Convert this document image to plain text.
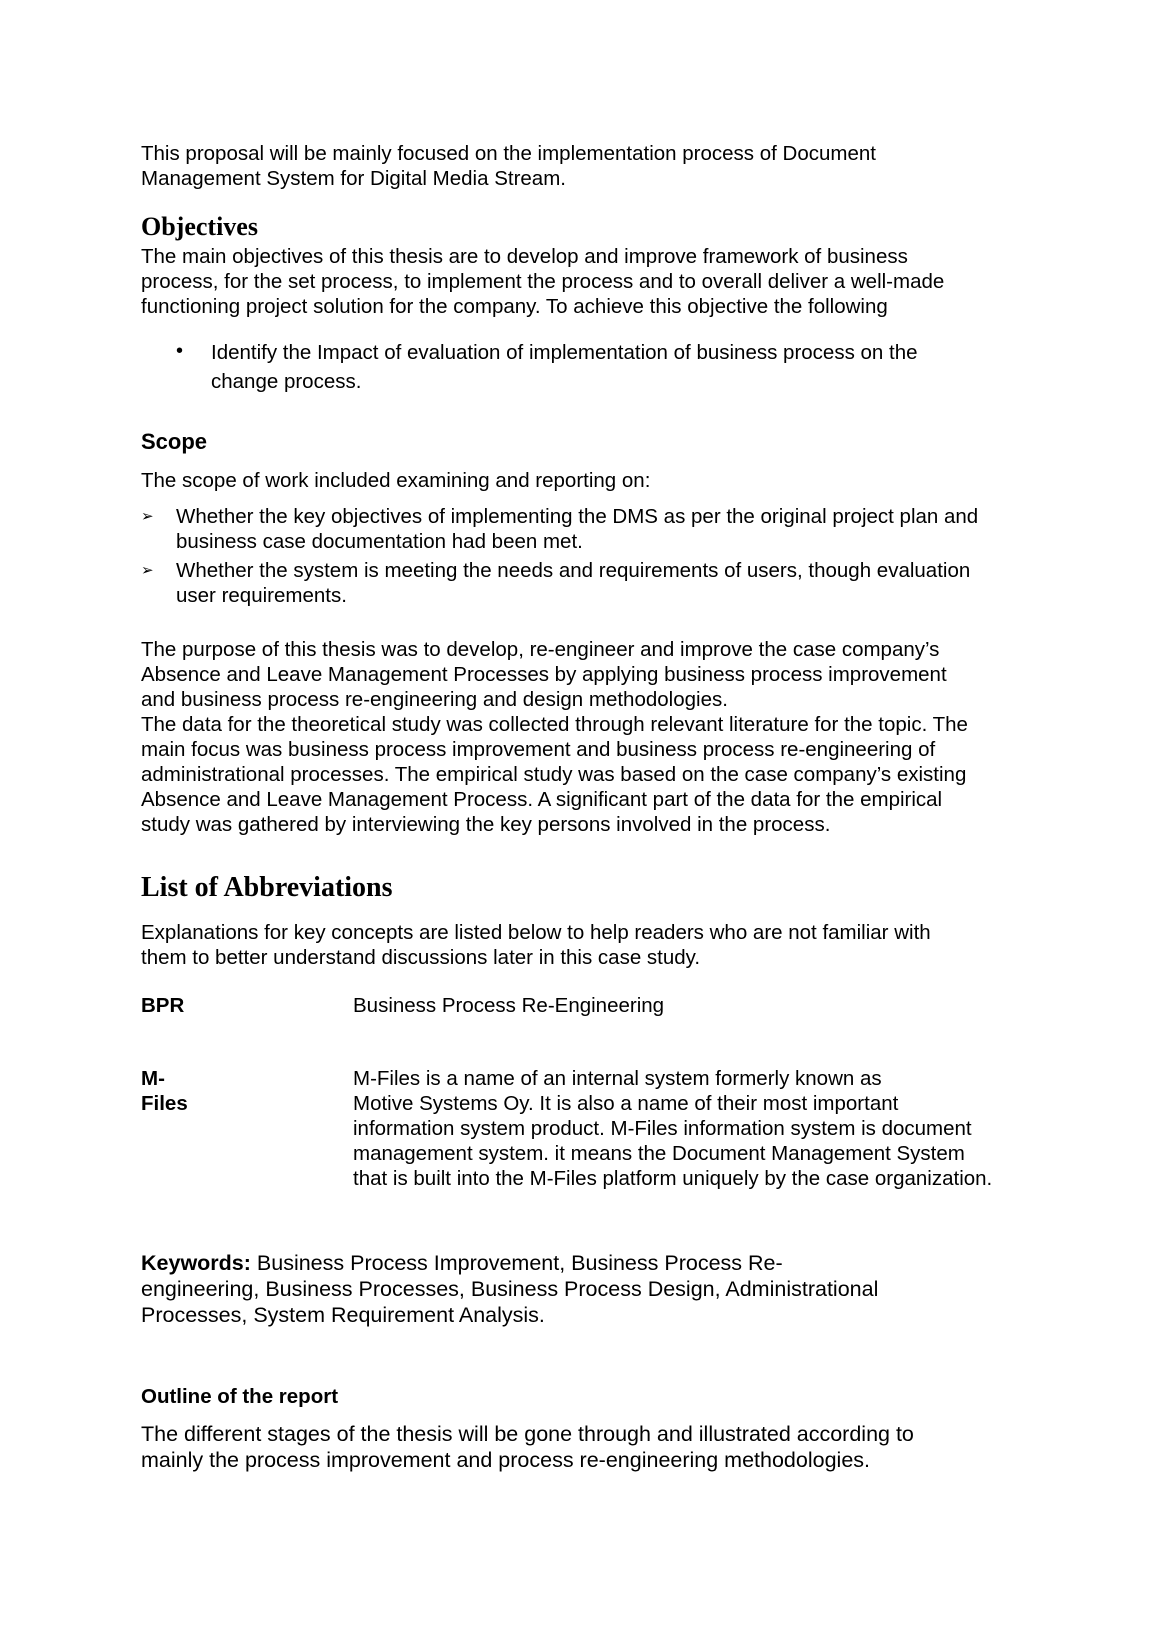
This proposal will be mainly focused on the implementation process of Document
Management System for Digital Media Stream.
Objectives
The main objectives of this thesis are to develop and improve framework of business
process, for the set process, to implement the process and to overall deliver a well-made
functioning project solution for the company. To achieve this objective the following
• Identify the Impact of evaluation of implementation of business process on the
change process.
Scope
The scope of work included examining and reporting on:
➢ Whether the key objectives of implementing the DMS as per the original project plan and
business case documentation had been met.
➢ Whether the system is meeting the needs and requirements of users, though evaluation
user requirements.
The purpose of this thesis was to develop, re-engineer and improve the case company’s
Absence and Leave Management Processes by applying business process improvement
and business process re-engineering and design methodologies.
The data for the theoretical study was collected through relevant literature for the topic. The
main focus was business process improvement and business process re-engineering of
administrational processes. The empirical study was based on the case company’s existing
Absence and Leave Management Process. A significant part of the data for the empirical
study was gathered by interviewing the key persons involved in the process.
List of Abbreviations
Explanations for key concepts are listed below to help readers who are not familiar with
them to better understand discussions later in this case study.
BPR	Business Process Re-Engineering
M-Files
M-Files is a name of an internal system formerly known as
Motive Systems Oy. It is also a name of their most important
information system product. M-Files information system is document
management system. it means the Document Management System
that is built into the M-Files platform uniquely by the case organization.
Keywords: Business Process Improvement, Business Process Re-
engineering, Business Processes, Business Process Design, Administrational
Processes, System Requirement Analysis.
Outline of the report
The different stages of the thesis will be gone through and illustrated according to
mainly the process improvement and process re-engineering methodologies.
